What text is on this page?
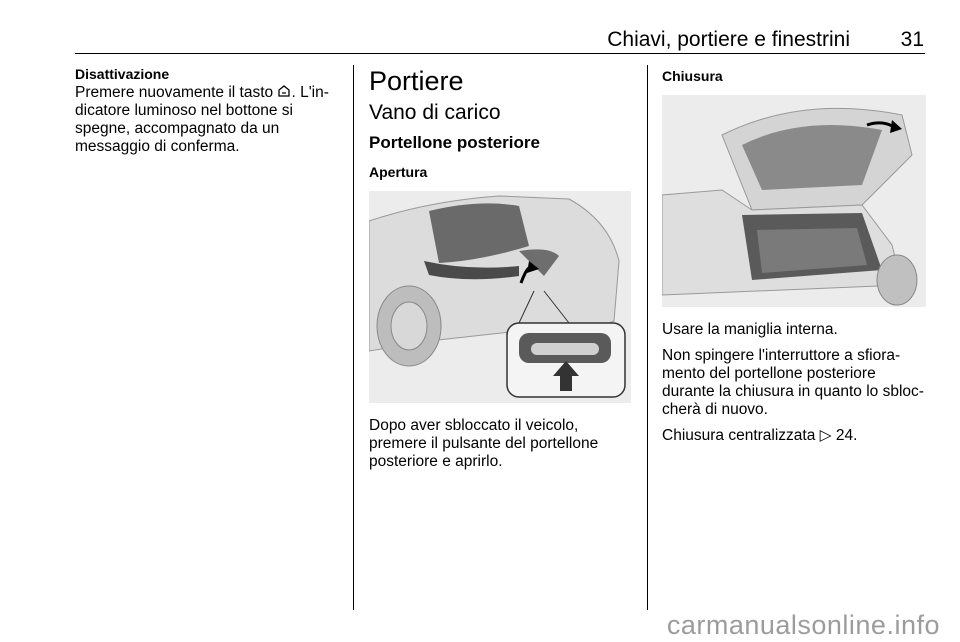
Chiavi, portiere e finestrini 31
Disattivazione

Premere nuovamente il tasto . L'in-dicatore luminoso nel bottone si spegne, accompagnato da un messaggio di conferma.

Portiere
Vano di carico
Portellone posteriore
Apertura

Dopo aver sbloccato il veicolo, premere il pulsante del portellone posteriore e aprirlo.

Chiusura

Usare la maniglia interna.

Non spingere l'interruttore a sfiora-mento del portellone posteriore durante la chiusura in quanto lo sbloc-cherà di nuovo.

Chiusura centralizzata ▷ 24.

carmanualsonline.info
